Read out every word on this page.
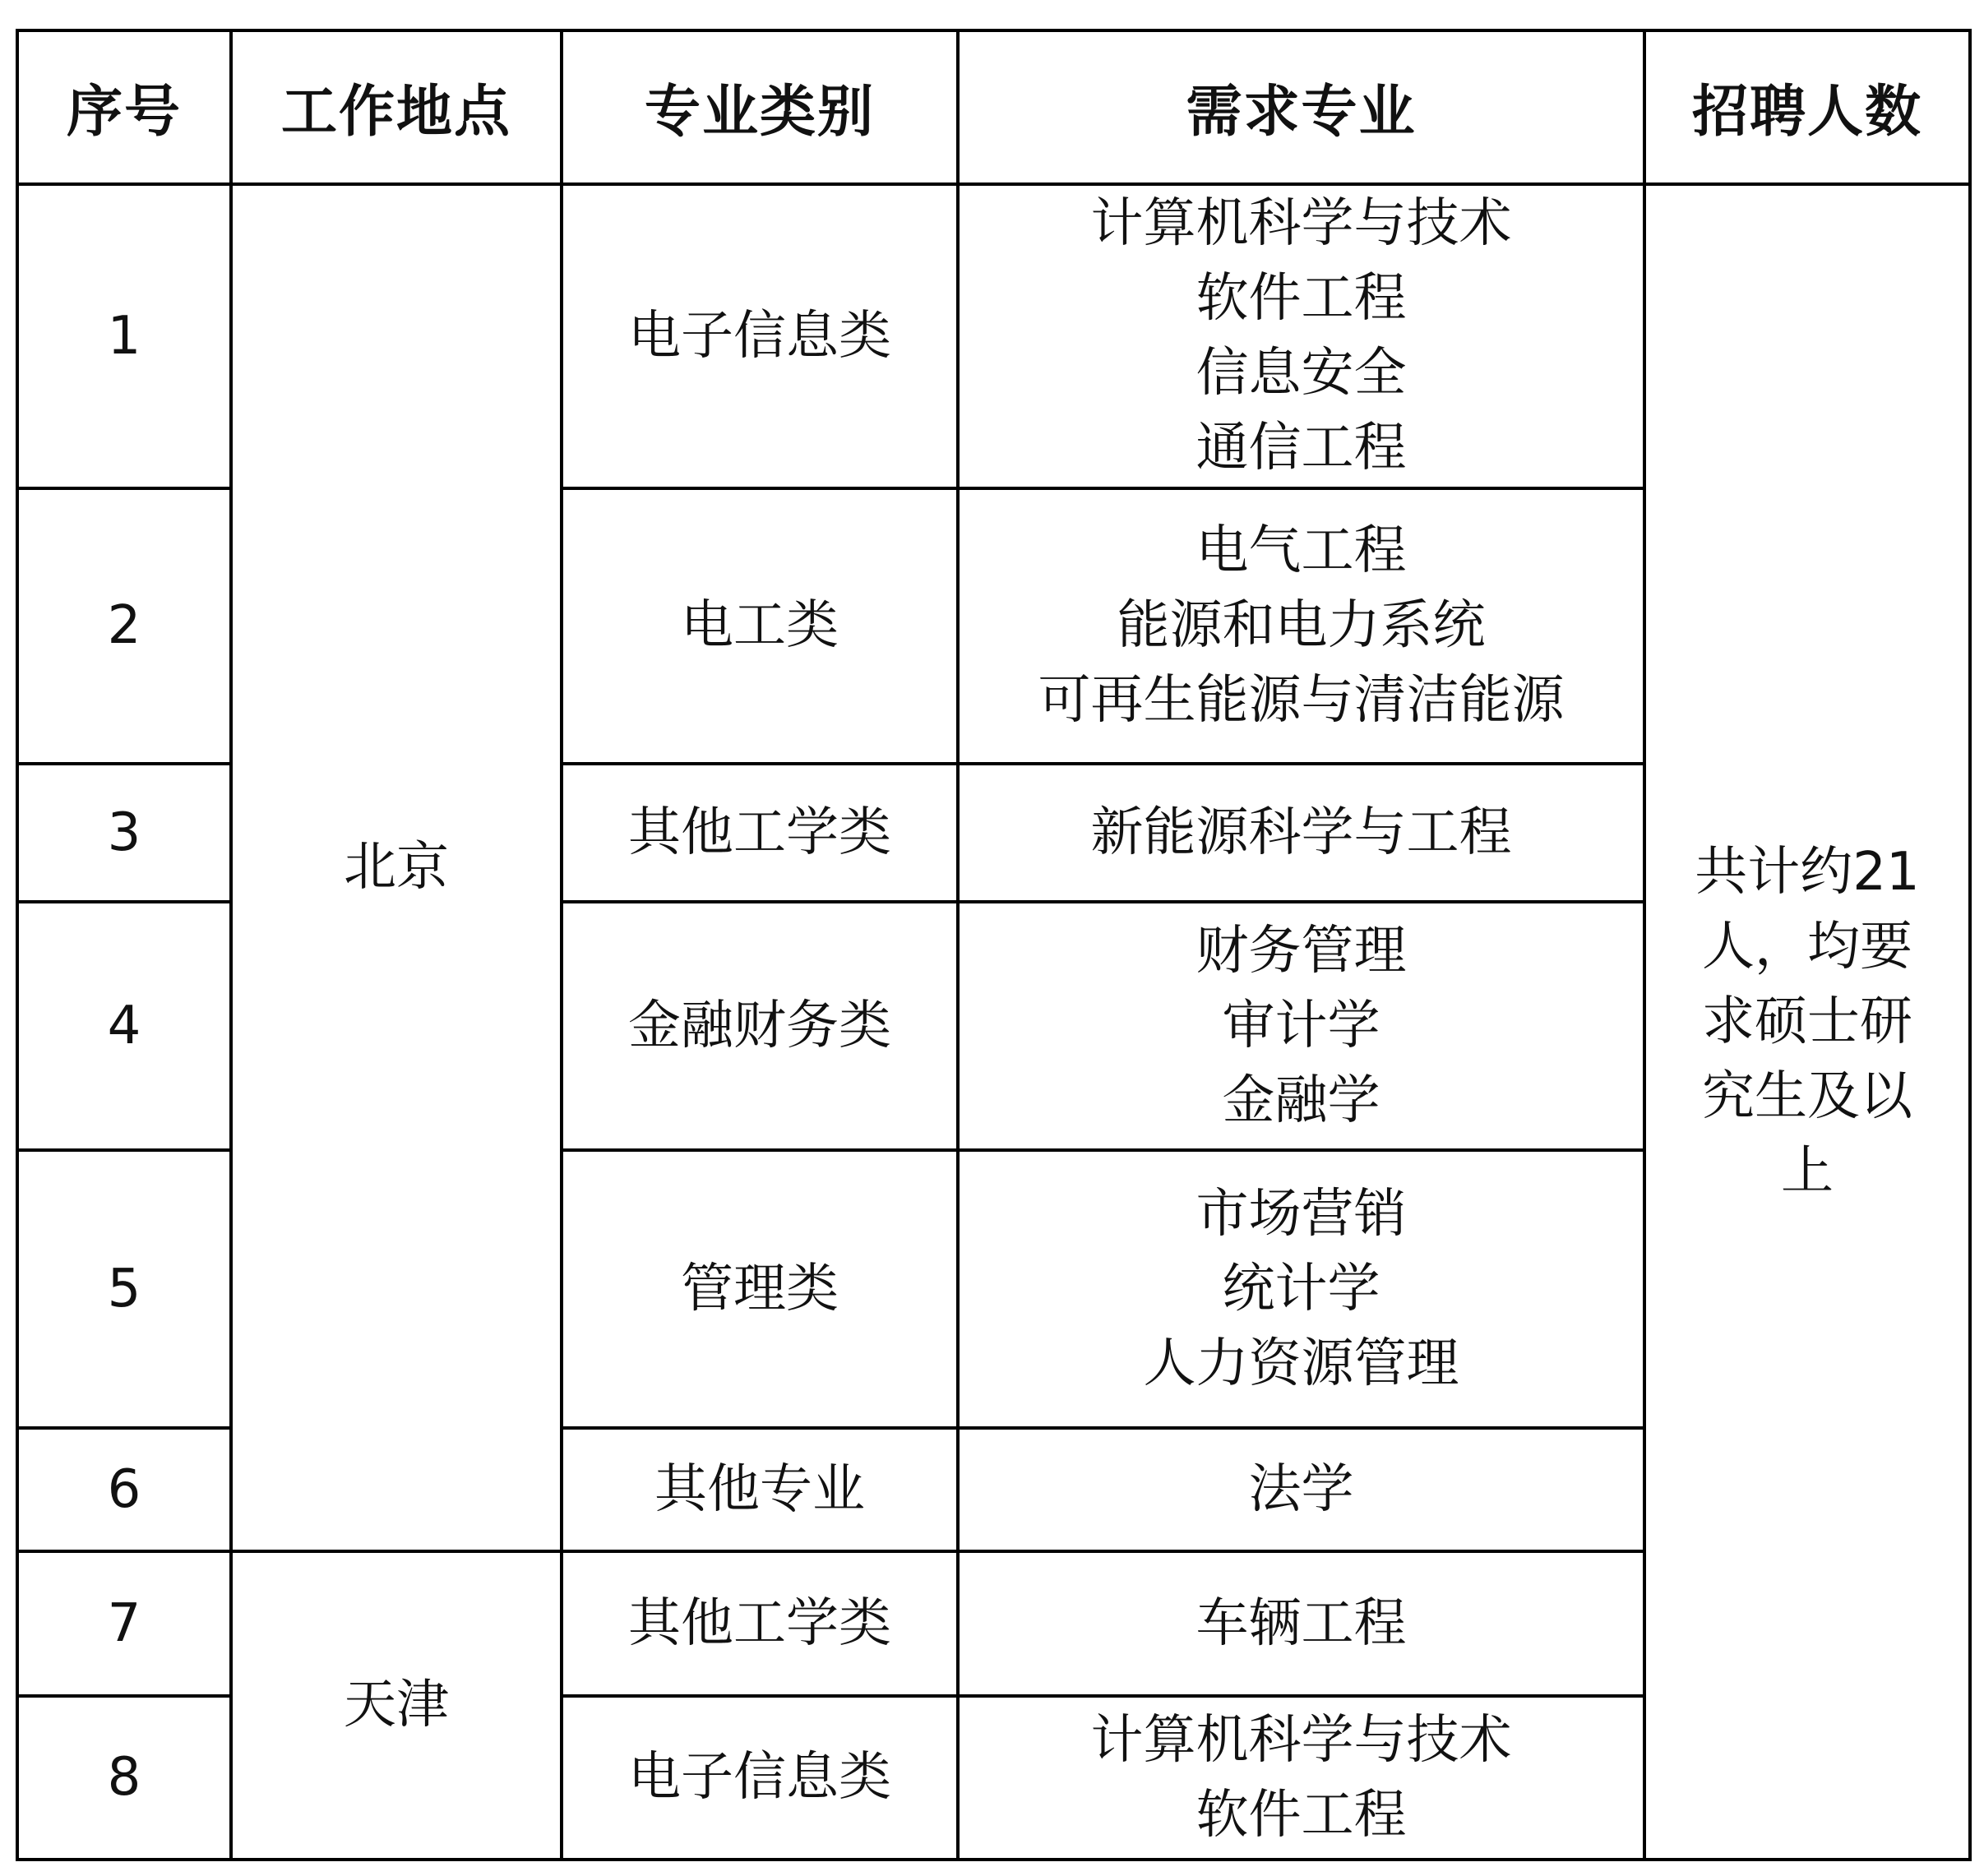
序号	工作地点	专业类别	需求专业	招聘人数
1	北京	电子信息类	计算机科学与技术
软件工程
信息安全
通信工程	共计约21
人，均要
求硕士研
究生及以
上

2		电工类	电气工程
能源和电力系统
可再生能源与清洁能源	

3		其他工学类	新能源科学与工程	

4		金融财务类	财务管理
审计学
金融学	

5		管理类	市场营销
统计学
人力资源管理	

6		其他专业	法学	

7	天津	其他工学类	车辆工程	

8		电子信息类	计算机科学与技术
软件工程	
